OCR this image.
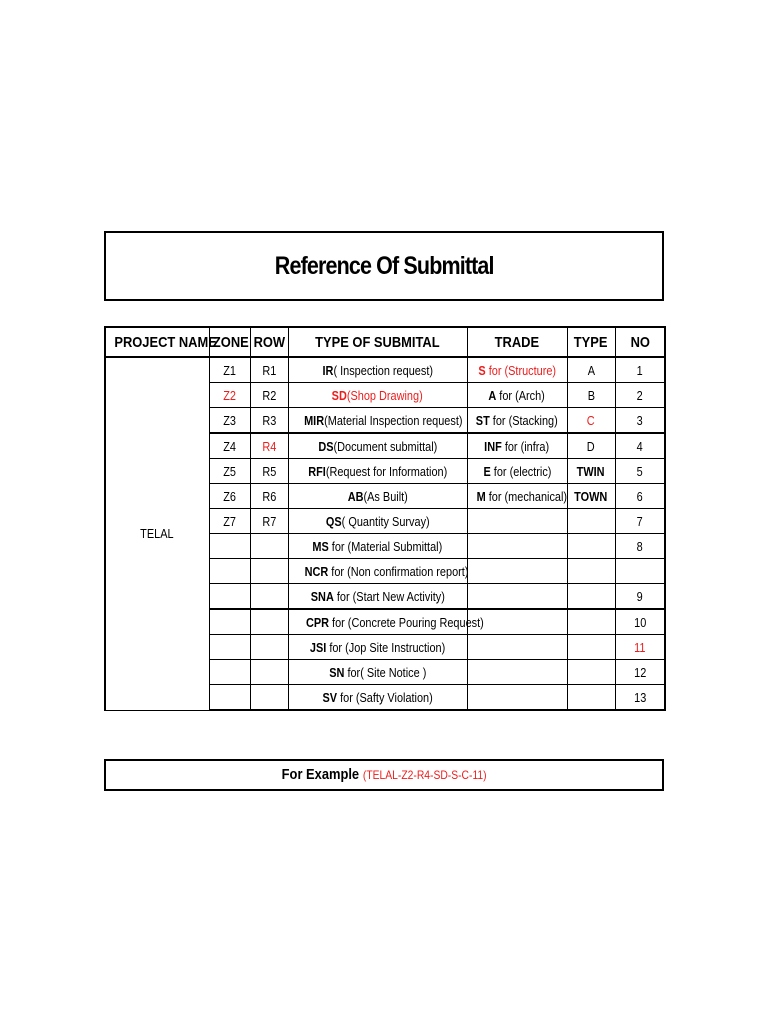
Reference Of Submittal
PROJECT NAME	ZONE	ROW	TYPE OF SUBMITAL	TRADE	TYPE	NO
TELAL	Z1	R1	IR( Inspection request)	S for (Structure)	A	1
	Z2	R2	SD(Shop Drawing)	A for (Arch)	B	2
	Z3	R3	MIR(Material Inspection request)	ST for (Stacking)	C	3
	Z4	R4	DS(Document submittal)	INF for (infra)	D	4
	Z5	R5	RFI(Request for Information)	E for (electric)	TWIN	5
	Z6	R6	AB(As Built)	M for (mechanical)	TOWN	6
	Z7	R7	QS( Quantity Survay)			7
			MS for (Material Submittal)			8
			NCR for (Non confirmation report)			
			SNA for (Start New Activity)			9
			CPR for (Concrete Pouring Request)			10
			JSI for (Jop Site Instruction)			11
			SN for( Site Notice )			12
			SV for (Safty Violation)			13
For Example (TELAL-Z2-R4-SD-S-C-11)
